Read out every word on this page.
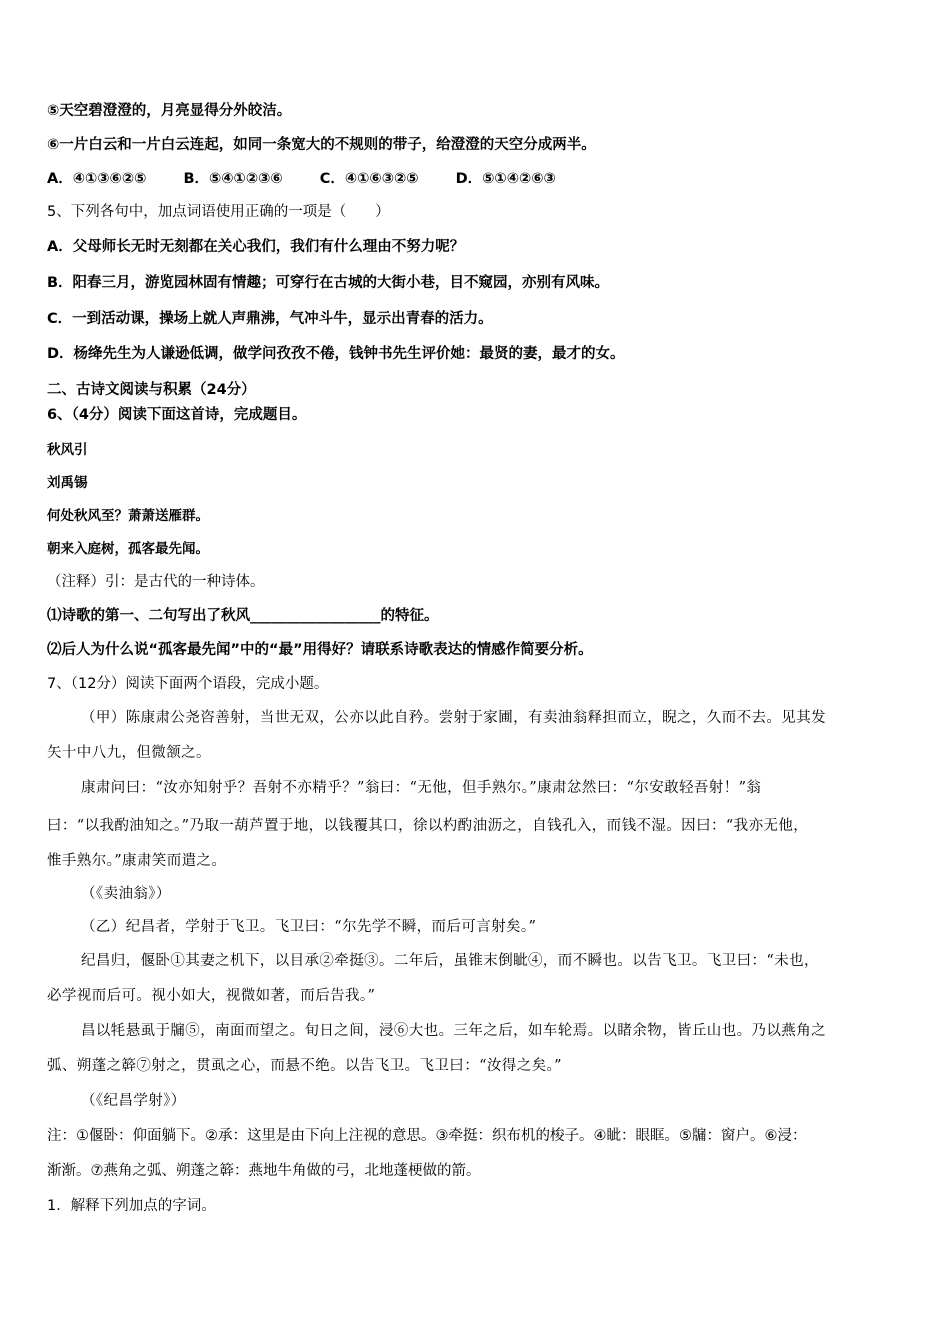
⑤天空碧澄澄的，月亮显得分外皎洁。
⑥一片白云和一片白云连起，如同一条宽大的不规则的带子，给澄澄的天空分成两半。
A．④①③⑥②⑤	B．⑤④①②③⑥	C．④①⑥③②⑤	D．⑤①④②⑥③
5、下列各句中，加点词语使用正确的一项是（　　）
A．父母师长无时无刻都在关心我们，我们有什么理由不努力呢？
B．阳春三月，游览园林固有情趣；可穿行在古城的大街小巷，目不窥园，亦别有风味。
C．一到活动课，操场上就人声鼎沸，气冲斗牛，显示出青春的活力。
D．杨绛先生为人谦逊低调，做学问孜孜不倦，钱钟书先生评价她：最贤的妻，最才的女。
二、古诗文阅读与积累（24分）
6、（4分）阅读下面这首诗，完成题目。
秋风引
刘禹锡
何处秋风至？萧萧送雁群。
朝来入庭树，孤客最先闻。
（注释）引：是古代的一种诗体。
⑴诗歌的第一、二句写出了秋风__________________的特征。
⑵后人为什么说“孤客最先闻”中的“最”用得好？请联系诗歌表达的情感作简要分析。
7、（12分）阅读下面两个语段，完成小题。
（甲）陈康肃公尧咨善射，当世无双，公亦以此自矜。尝射于家圃，有卖油翁释担而立，睨之，久而不去。见其发
矢十中八九，但微颔之。
康肃问曰：“汝亦知射乎？吾射不亦精乎？”翁曰：“无他，但手熟尔。”康肃忿然曰：“尔安敢轻吾射！”翁
曰：“以我酌油知之。”乃取一葫芦置于地，以钱覆其口，徐以杓酌油沥之，自钱孔入，而钱不湿。因曰：“我亦无他，
惟手熟尔。”康肃笑而遣之。
（《卖油翁》）
（乙）纪昌者，学射于飞卫。飞卫曰：“尔先学不瞬，而后可言射矣。”
纪昌归，偃卧①其妻之机下，以目承②牵挺③。二年后，虽锥末倒眦④，而不瞬也。以告飞卫。飞卫曰：“未也，
必学视而后可。视小如大，视微如著，而后告我。”
昌以牦悬虱于牖⑤，南面而望之。旬日之间，浸⑥大也。三年之后，如车轮焉。以睹余物，皆丘山也。乃以燕角之
弧、朔蓬之簳⑦射之，贯虱之心，而悬不绝。以告飞卫。飞卫曰：“汝得之矣。”
（《纪昌学射》）
注：①偃卧：仰面躺下。②承：这里是由下向上注视的意思。③牵挺：织布机的梭子。④眦：眼眶。⑤牖：窗户。⑥浸：
渐渐。⑦燕角之弧、朔蓬之簳：燕地牛角做的弓，北地蓬梗做的箭。
1．解释下列加点的字词。
